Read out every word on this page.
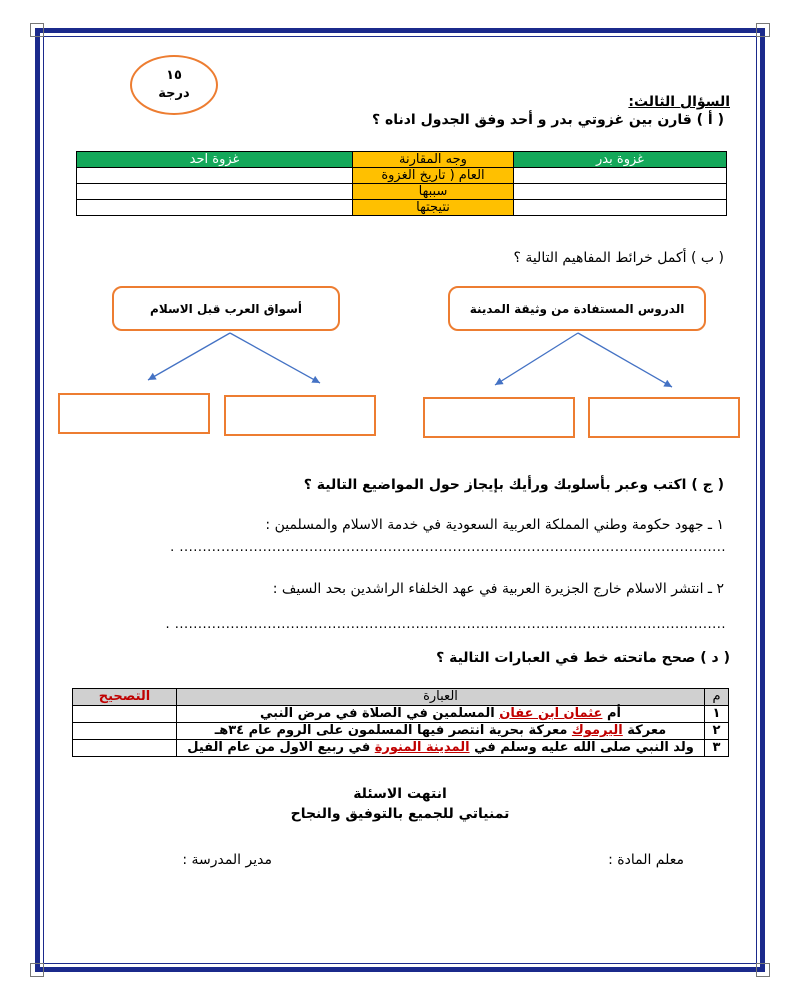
١٥
درجة
السؤال الثالث:
( أ ) قارن بين غزوتي بدر و أحد وفق الجدول ادناه ؟
غزوة بدر	وجه المقارنة	غزوة احد
	العام ( تاريخ الغزوة	
	سببها	
	نتيجتها	
( ب ) أكمل خرائط المفاهيم التالية ؟
الدروس المستفادة من وثيقة المدينة
أسواق العرب قبل الاسلام
( ج ) اكتب وعبر بأسلوبك ورأيك بإيجاز حول المواضيع التالية ؟
١ ـ جهود حكومة وطني المملكة العربية السعودية في خدمة الاسلام والمسلمين :
...................................................................................................................... .
٢ ـ انتشر الاسلام خارج الجزيرة العربية في عهد الخلفاء الراشدين بحد السيف :
....................................................................................................................... .
( د ) صحح ماتحته خط في العبارات التالية ؟
م	العبارة	التصحيح
١	أم عثمان ابن عفان المسلمين في الصلاة في مرض النبي	
٢	معركة اليرموك معركة بحرية انتصر فيها المسلمون على الروم عام ٣٤هـ	
٣	ولد النبي صلى الله عليه وسلم في المدينة المنورة في ربيع الاول من عام الفيل	
انتهت الاسئلة
تمنياتي للجميع بالتوفيق والنجاح
معلم المادة :
مدير المدرسة :
